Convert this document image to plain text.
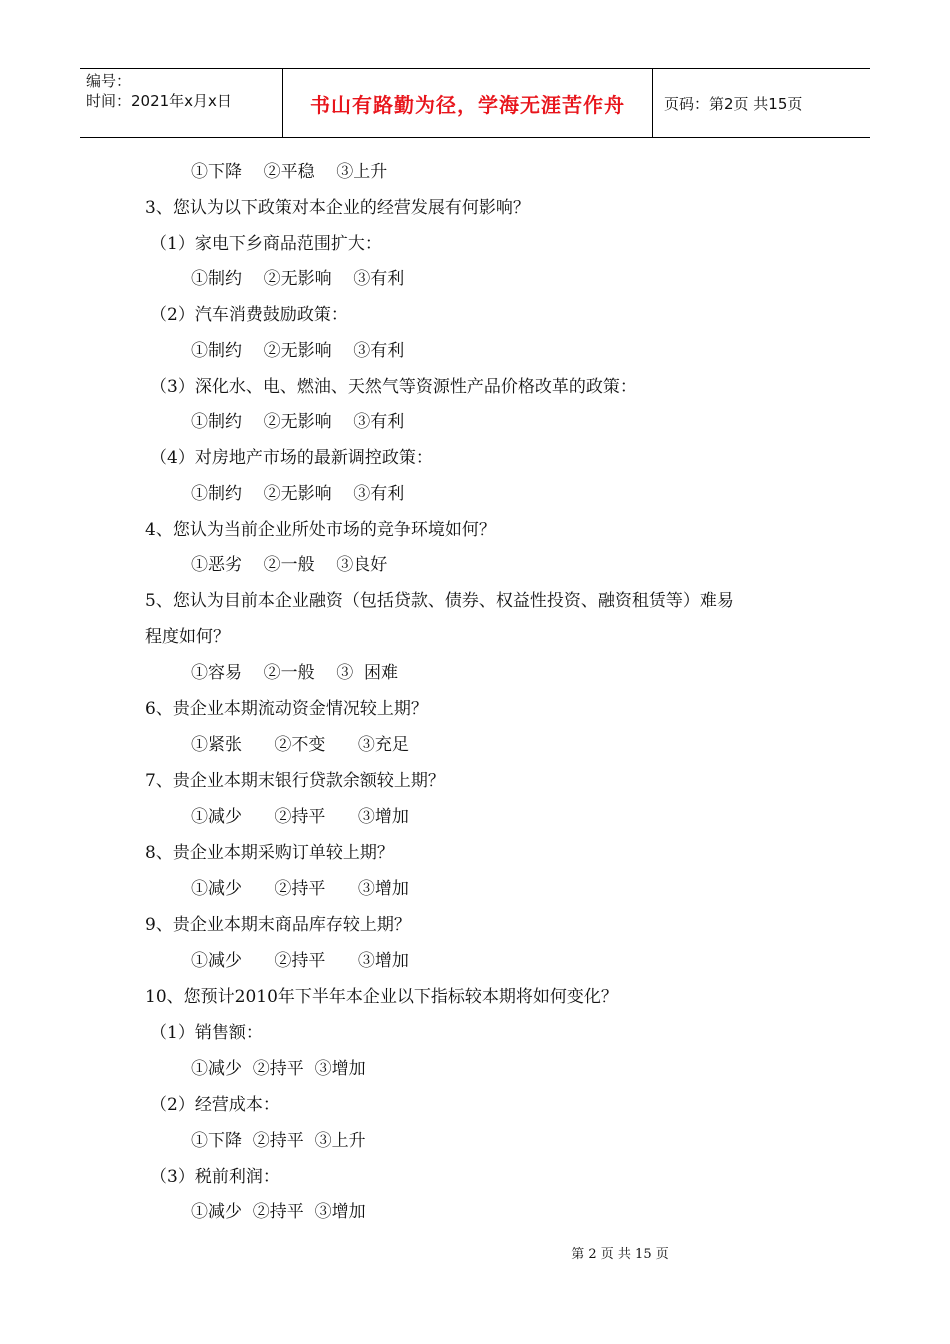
编号：
时间：2021年x月x日	书山有路勤为径，学海无涯苦作舟	页码：第2页 共15页
①下降    ②平稳    ③上升
3、您认为以下政策对本企业的经营发展有何影响？
（1）家电下乡商品范围扩大：
①制约    ②无影响    ③有利
（2）汽车消费鼓励政策：
①制约    ②无影响    ③有利
（3）深化水、电、燃油、天然气等资源性产品价格改革的政策：
①制约    ②无影响    ③有利
（4）对房地产市场的最新调控政策：
①制约    ②无影响    ③有利
4、您认为当前企业所处市场的竞争环境如何？
①恶劣    ②一般    ③良好
5、您认为目前本企业融资（包括贷款、债券、权益性投资、融资租赁等）难易
程度如何？
①容易    ②一般    ③  困难
6、贵企业本期流动资金情况较上期？
①紧张      ②不变      ③充足
7、贵企业本期末银行贷款余额较上期？
①减少      ②持平      ③增加
8、贵企业本期采购订单较上期？
①减少      ②持平      ③增加
9、贵企业本期末商品库存较上期？
①减少      ②持平      ③增加
10、您预计2010年下半年本企业以下指标较本期将如何变化？
（1）销售额：
①减少  ②持平  ③增加
（2）经营成本：
①下降  ②持平  ③上升
（3）税前利润：
①减少  ②持平  ③增加
第 2 页 共 15 页
